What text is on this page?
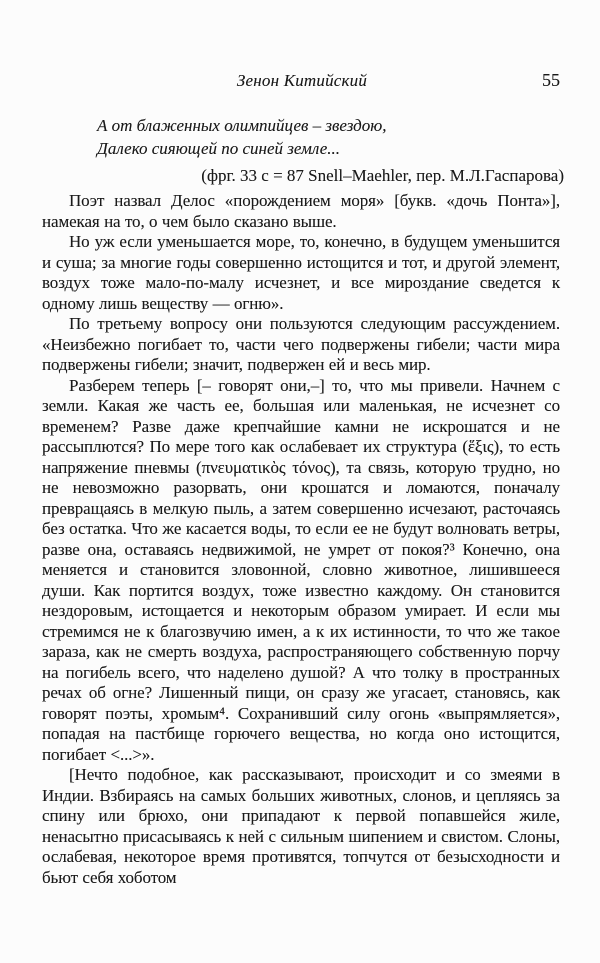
Зенон Китийский	55
А от блаженных олимпийцев – звездою,
Далеко сияющей по синей земле...
(фрг. 33 с = 87 Snell–Maehler, пер. М.Л.Гаспарова)

Поэт назвал Делос «порождением моря» [букв. «дочь Понта»], намекая на то, о чем было сказано выше.

Но уж если уменьшается море, то, конечно, в будущем уменьшится и суша; за многие годы совершенно истощится и тот, и другой элемент, воздух тоже мало-по-малу исчезнет, и все мироздание сведется к одному лишь веществу — огню».

По третьему вопросу они пользуются следующим рассуждением. «Неизбежно погибает то, части чего подвержены гибели; части мира подвержены гибели; значит, подвержен ей и весь мир.

Разберем теперь [– говорят они,–] то, что мы привели. Начнем с земли. Какая же часть ее, большая или маленькая, не исчезнет со временем? Разве даже крепчайшие камни не искрошатся и не рассыплются? По мере того как ослабевает их структура (ἕξις), то есть напряжение пневмы (πνευματικὸς τόνος), та связь, которую трудно, но не невозможно разорвать, они крошатся и ломаются, поначалу превращаясь в мелкую пыль, а затем совершенно исчезают, расточаясь без остатка. Что же касается воды, то если ее не будут волновать ветры, разве она, оставаясь недвижимой, не умрет от покоя?³ Конечно, она меняется и становится зловонной, словно животное, лишившееся души. Как портится воздух, тоже известно каждому. Он становится нездоровым, истощается и некоторым образом умирает. И если мы стремимся не к благозвучию имен, а к их истинности, то что же такое зараза, как не смерть воздуха, распространяющего собственную порчу на погибель всего, что наделено душой? А что толку в пространных речах об огне? Лишенный пищи, он сразу же угасает, становясь, как говорят поэты, хромым⁴. Сохранивший силу огонь «выпрямляется», попадая на пастбище горючего вещества, но когда оно истощится, погибает <...>».

[Нечто подобное, как рассказывают, происходит и со змеями в Индии. Взбираясь на самых больших животных, слонов, и цепляясь за спину или брюхо, они припадают к первой попавшейся жиле, ненасытно присасываясь к ней с сильным шипением и свистом. Слоны, ослабевая, некоторое время противятся, топчутся от безысходности и бьют себя хоботом
